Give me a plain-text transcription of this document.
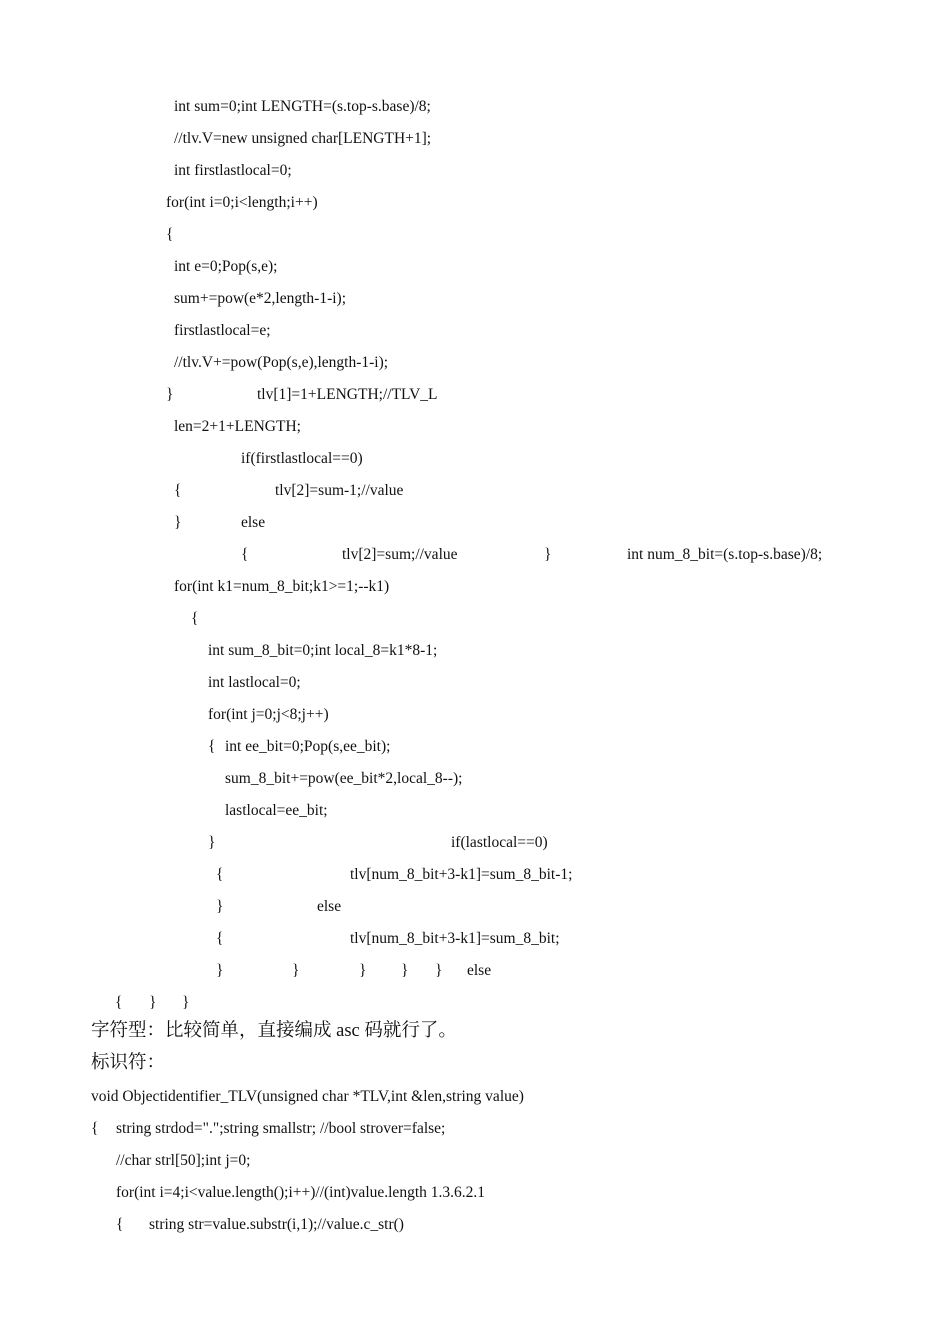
int sum=0;int LENGTH=(s.top-s.base)/8;
//tlv.V=new unsigned char[LENGTH+1];
int firstlastlocal=0;
for(int i=0;i<length;i++)
{
int e=0;Pop(s,e);
sum+=pow(e*2,length-1-i);
firstlastlocal=e;
//tlv.V+=pow(Pop(s,e),length-1-i);
}	tlv[1]=1+LENGTH;//TLV_L
len=2+1+LENGTH;
if(firstlastlocal==0)
{	tlv[2]=sum-1;//value
}	else
{	tlv[2]=sum;//value	}	int num_8_bit=(s.top-s.base)/8;
for(int k1=num_8_bit;k1>=1;--k1)
{
int sum_8_bit=0;int local_8=k1*8-1;
int lastlocal=0;
for(int j=0;j<8;j++)
{ int ee_bit=0;Pop(s,ee_bit);
sum_8_bit+=pow(ee_bit*2,local_8--);
lastlocal=ee_bit;
}	if(lastlocal==0)
{	tlv[num_8_bit+3-k1]=sum_8_bit-1;
}	else
{	tlv[num_8_bit+3-k1]=sum_8_bit;
}	}	} } } else
{ } }
字符型：比较简单，直接编成 asc 码就行了。
标识符：
void Objectidentifier_TLV(unsigned char *TLV,int &len,string value)
{ string strdod=".";string smallstr; //bool strover=false;
//char strl[50];int j=0;
for(int i=4;i<value.length();i++)//(int)value.length 1.3.6.2.1
{ string str=value.substr(i,1);//value.c_str()
